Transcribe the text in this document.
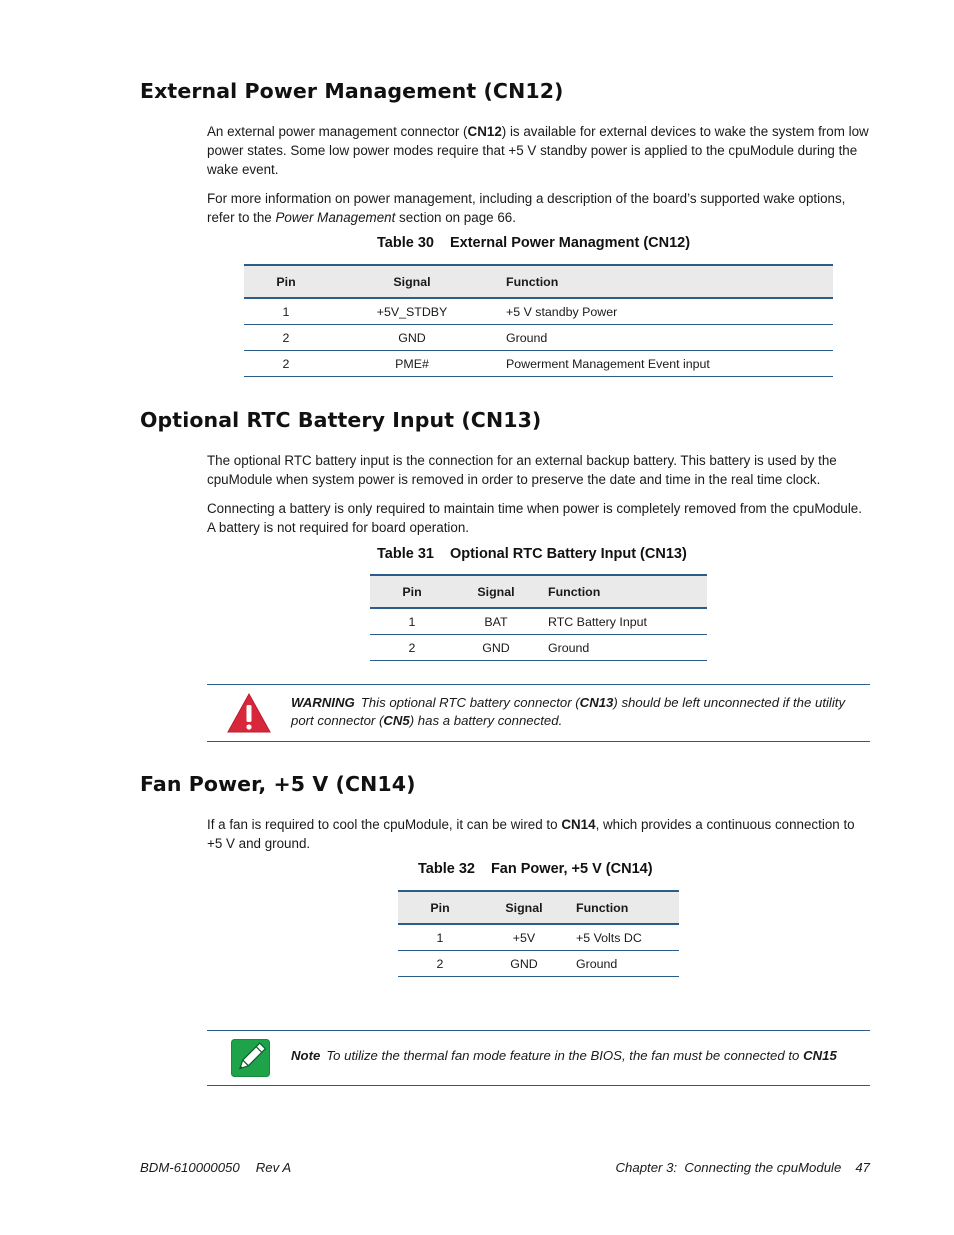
External Power Management (CN12)

An external power management connector (CN12) is available for external devices to wake the system from low power states. Some low power modes require that +5 V standby power is applied to the cpuModule during the wake event.

For more information on power management, including a description of the board’s supported wake options, refer to the Power Management section on page 66.

Table 30 External Power Managment (CN12)
Pin	Signal	Function
1	+5V_STDBY	+5 V standby Power
2	GND	Ground
2	PME#	Powerment Management Event input
Optional RTC Battery Input (CN13)

The optional RTC battery input is the connection for an external backup battery. This battery is used by the cpuModule when system power is removed in order to preserve the date and time in the real time clock.

Connecting a battery is only required to maintain time when power is completely removed from the cpuModule. A battery is not required for board operation.

Table 31 Optional RTC Battery Input (CN13)
Pin	Signal	Function
1	BAT	RTC Battery Input
2	GND	Ground
WARNING This optional RTC battery connector (CN13) should be left unconnected if the utility port connector (CN5) has a battery connected.
Fan Power, +5 V (CN14)

If a fan is required to cool the cpuModule, it can be wired to CN14, which provides a continuous connection to +5 V and ground.

Table 32 Fan Power, +5 V (CN14)
Pin	Signal	Function
1	+5V	+5 Volts DC
2	GND	Ground
Note To utilize the thermal fan mode feature in the BIOS, the fan must be connected to CN15
BDM-610000050 Rev A	Chapter 3:  Connecting the cpuModule 47
